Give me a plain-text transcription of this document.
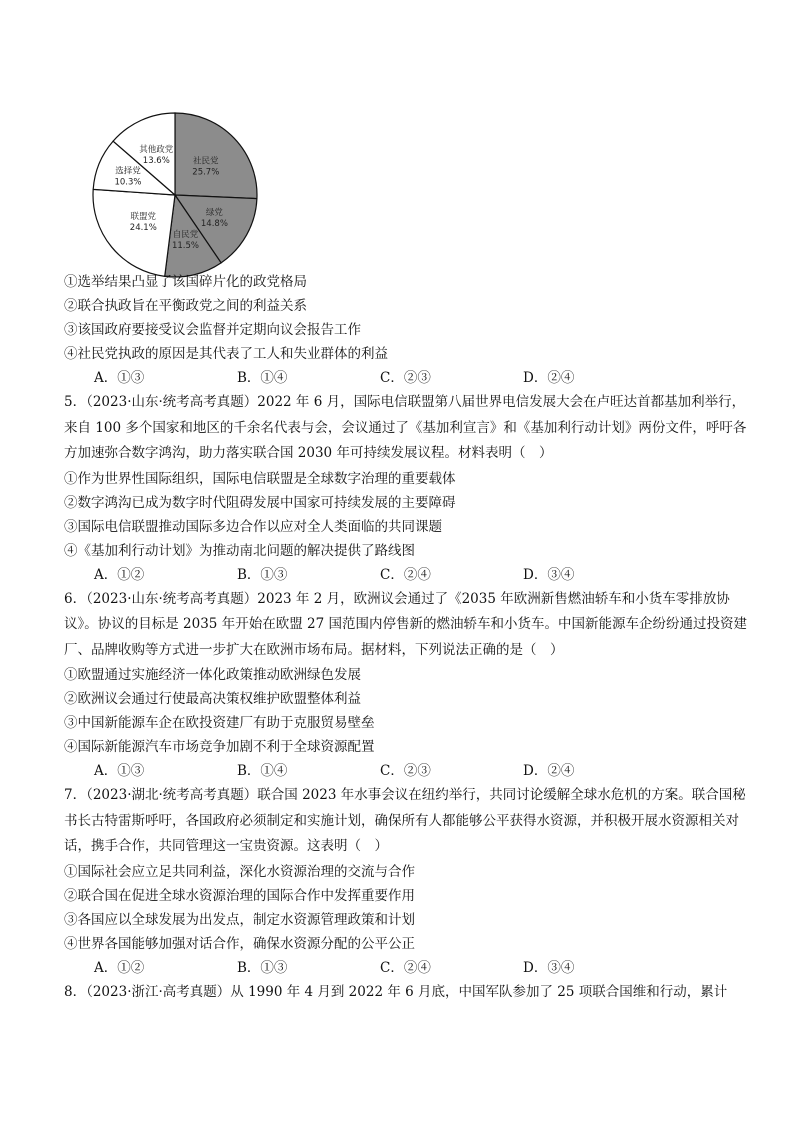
社民党
25.7%
绿党
14.8%
自民党
11.5%
联盟党
24.1%
选择党
10.3%
其他政党
13.6%
①选举结果凸显了该国碎片化的政党格局
②联合执政旨在平衡政党之间的利益关系
③该国政府要接受议会监督并定期向议会报告工作
④社民党执政的原因是其代表了工人和失业群体的利益
A．①③	B．①④	C．②③	D．②④
5．（2023·山东·统考高考真题）2022 年 6 月，国际电信联盟第八届世界电信发展大会在卢旺达首都基加利举行，来自 100 多个国家和地区的千余名代表与会，会议通过了《基加利宣言》和《基加利行动计划》两份文件，呼吁各方加速弥合数字鸿沟，助力落实联合国 2030 年可持续发展议程。材料表明（　）
①作为世界性国际组织，国际电信联盟是全球数字治理的重要载体
②数字鸿沟已成为数字时代阻碍发展中国家可持续发展的主要障碍
③国际电信联盟推动国际多边合作以应对全人类面临的共同课题
④《基加利行动计划》为推动南北问题的解决提供了路线图
A．①②	B．①③	C．②④	D．③④
6．（2023·山东·统考高考真题）2023 年 2 月，欧洲议会通过了《2035 年欧洲新售燃油轿车和小货车零排放协议》。协议的目标是 2035 年开始在欧盟 27 国范围内停售新的燃油轿车和小货车。中国新能源车企纷纷通过投资建厂、品牌收购等方式进一步扩大在欧洲市场布局。据材料，下列说法正确的是（　）
①欧盟通过实施经济一体化政策推动欧洲绿色发展
②欧洲议会通过行使最高决策权维护欧盟整体利益
③中国新能源车企在欧投资建厂有助于克服贸易壁垒
④国际新能源汽车市场竞争加剧不利于全球资源配置
A．①③	B．①④	C．②③	D．②④
7．（2023·湖北·统考高考真题）联合国 2023 年水事会议在纽约举行，共同讨论缓解全球水危机的方案。联合国秘书长古特雷斯呼吁，各国政府必须制定和实施计划，确保所有人都能够公平获得水资源，并积极开展水资源相关对话，携手合作，共同管理这一宝贵资源。这表明（　）
①国际社会应立足共同利益，深化水资源治理的交流与合作
②联合国在促进全球水资源治理的国际合作中发挥重要作用
③各国应以全球发展为出发点，制定水资源管理政策和计划
④世界各国能够加强对话合作，确保水资源分配的公平公正
A．①②	B．①③	C．②④	D．③④
8．（2023·浙江·高考真题）从 1990 年 4 月到 2022 年 6 月底，中国军队参加了 25 项联合国维和行动，累计
